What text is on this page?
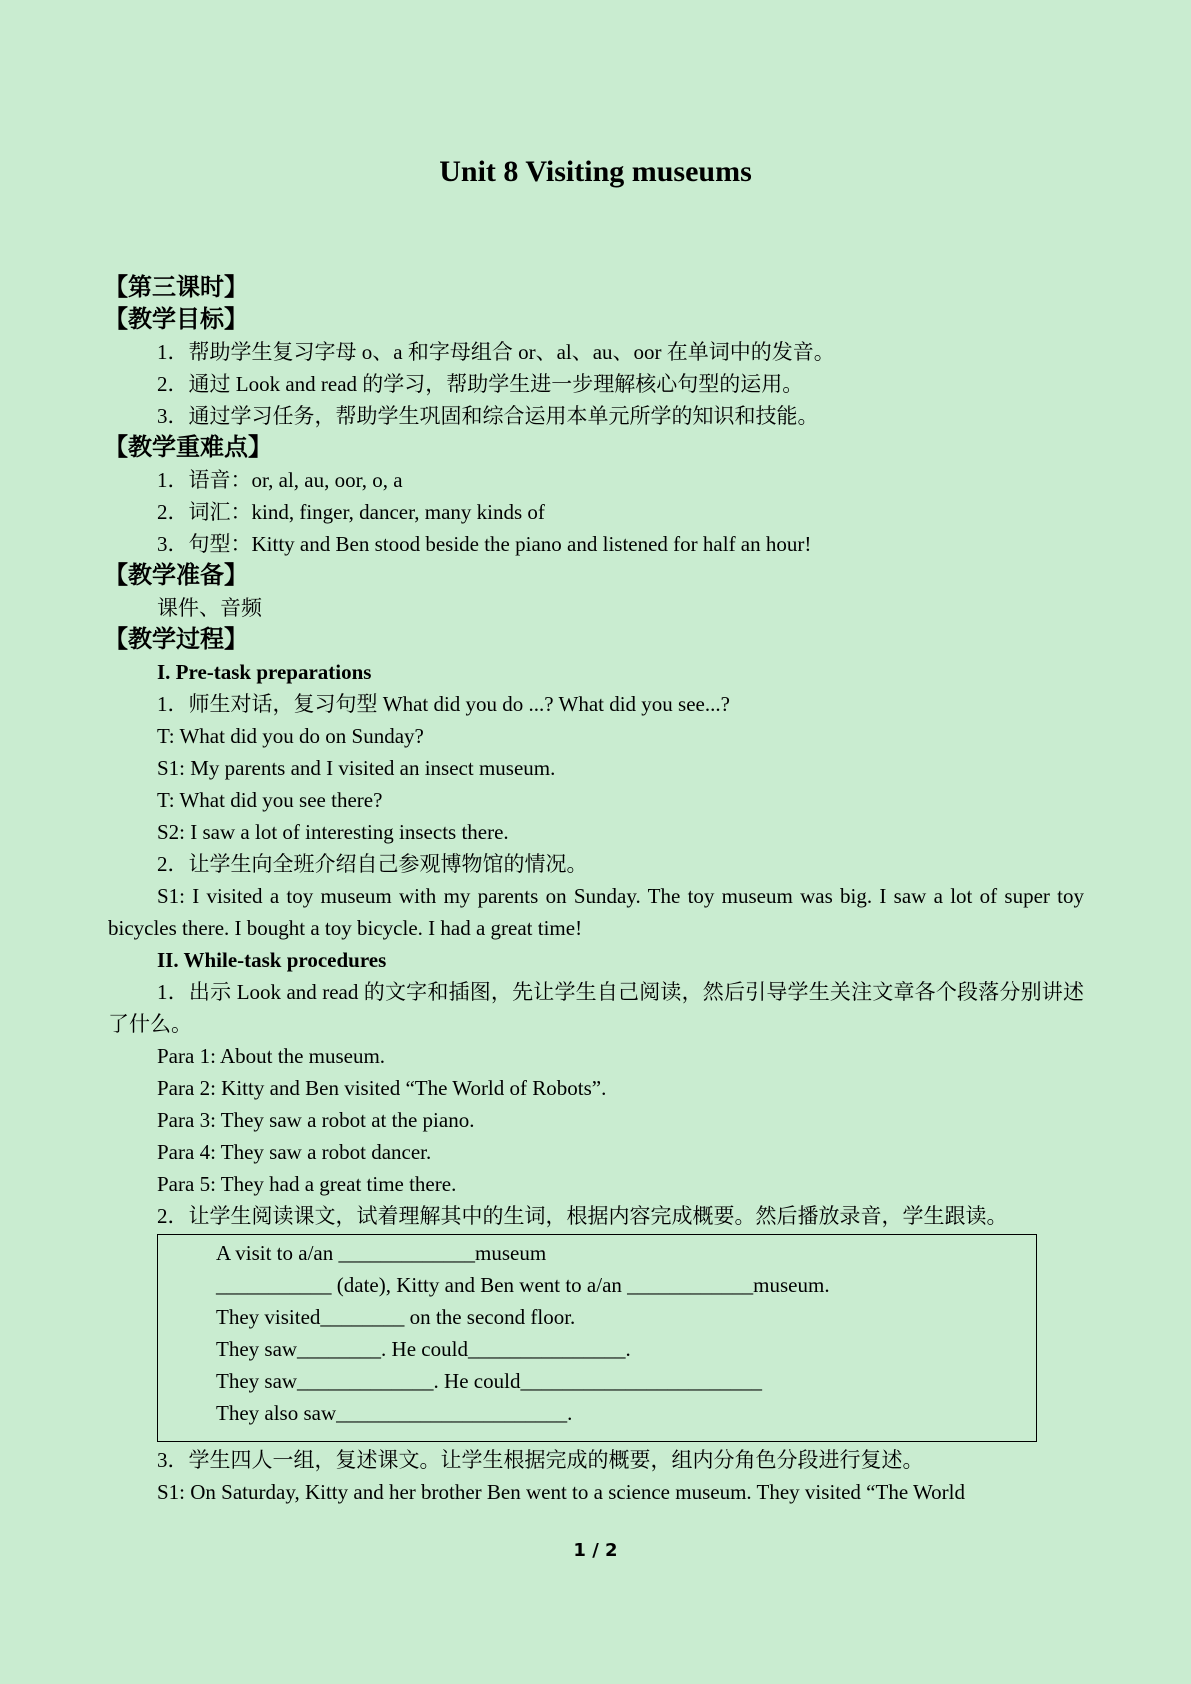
Unit 8 Visiting museums
【第三课时】
【教学目标】
1．帮助学生复习字母 o、a 和字母组合 or、al、au、oor 在单词中的发音。
2．通过 Look and read 的学习，帮助学生进一步理解核心句型的运用。
3．通过学习任务，帮助学生巩固和综合运用本单元所学的知识和技能。
【教学重难点】
1．语音：or, al, au, oor, o, a
2．词汇：kind, finger, dancer, many kinds of
3．句型：Kitty and Ben stood beside the piano and listened for half an hour!
【教学准备】
课件、音频
【教学过程】
I. Pre-task preparations
1．师生对话，复习句型 What did you do ...? What did you see...?
T: What did you do on Sunday?
S1: My parents and I visited an insect museum.
T: What did you see there?
S2: I saw a lot of interesting insects there.
2．让学生向全班介绍自己参观博物馆的情况。
S1: I visited a toy museum with my parents on Sunday. The toy museum was big. I saw a lot of super toy bicycles there. I bought a toy bicycle. I had a great time!
II. While-task procedures
1．出示 Look and read 的文字和插图，先让学生自己阅读，然后引导学生关注文章各个段落分别讲述了什么。
Para 1: About the museum.
Para 2: Kitty and Ben visited “The World of Robots”.
Para 3: They saw a robot at the piano.
Para 4: They saw a robot dancer.
Para 5: They had a great time there.
2．让学生阅读课文，试着理解其中的生词，根据内容完成概要。然后播放录音，学生跟读。
A visit to a/an _____________museum
___________ (date), Kitty and Ben went to a/an ____________museum.
They visited________ on the second floor.
They saw________. He could_______________.
They saw_____________. He could_______________________
They also saw______________________.
3．学生四人一组，复述课文。让学生根据完成的概要，组内分角色分段进行复述。
S1: On Saturday, Kitty and her brother Ben went to a science museum. They visited “The World
1 / 2
